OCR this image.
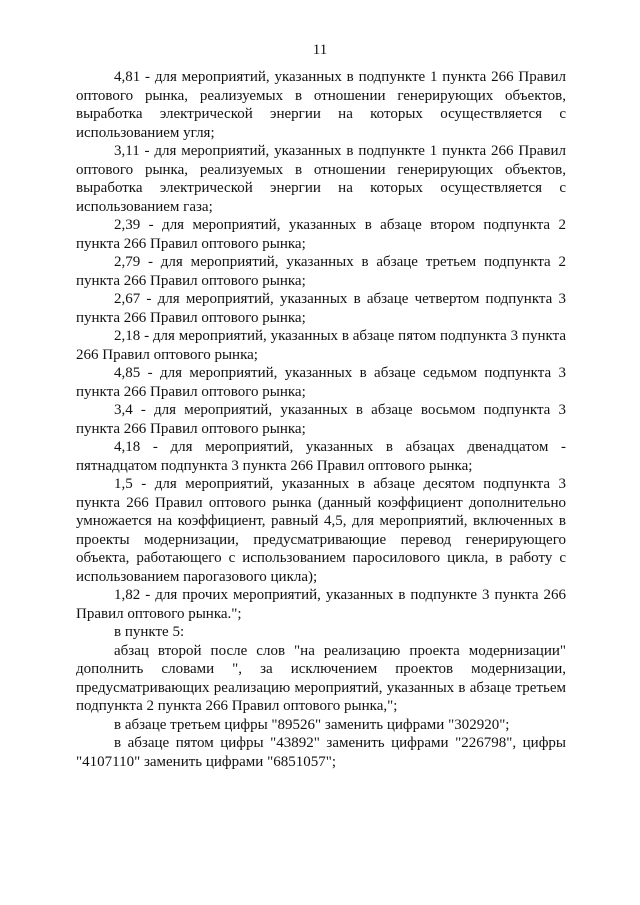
11

4,81 - для мероприятий, указанных в подпункте 1 пункта 266 Правил оптового рынка, реализуемых в отношении генерирующих объектов, выработка электрической энергии на которых осуществляется с использованием угля;

3,11 - для мероприятий, указанных в подпункте 1 пункта 266 Правил оптового рынка, реализуемых в отношении генерирующих объектов, выработка электрической энергии на которых осуществляется с использованием газа;

2,39 - для мероприятий, указанных в абзаце втором подпункта 2 пункта 266 Правил оптового рынка;

2,79 - для мероприятий, указанных в абзаце третьем подпункта 2 пункта 266 Правил оптового рынка;

2,67 - для мероприятий, указанных в абзаце четвертом подпункта 3 пункта 266 Правил оптового рынка;

2,18 - для мероприятий, указанных в абзаце пятом подпункта 3 пункта 266 Правил оптового рынка;

4,85 - для мероприятий, указанных в абзаце седьмом подпункта 3 пункта 266 Правил оптового рынка;

3,4 - для мероприятий, указанных в абзаце восьмом подпункта 3 пункта 266 Правил оптового рынка;

4,18 - для мероприятий, указанных в абзацах двенадцатом - пятнадцатом подпункта 3 пункта 266 Правил оптового рынка;

1,5 - для мероприятий, указанных в абзаце десятом подпункта 3 пункта 266 Правил оптового рынка (данный коэффициент дополнительно умножается на коэффициент, равный 4,5, для мероприятий, включенных в проекты модернизации, предусматривающие перевод генерирующего объекта, работающего с использованием паросилового цикла, в работу с использованием парогазового цикла);

1,82 - для прочих мероприятий, указанных в подпункте 3 пункта 266 Правил оптового рынка.";

в пункте 5:

абзац второй после слов "на реализацию проекта модернизации" дополнить словами ", за исключением проектов модернизации, предусматривающих реализацию мероприятий, указанных в абзаце третьем подпункта 2 пункта 266 Правил оптового рынка,";

в абзаце третьем цифры "89526" заменить цифрами "302920";

в абзаце пятом цифры "43892" заменить цифрами "226798", цифры "4107110" заменить цифрами "6851057";
